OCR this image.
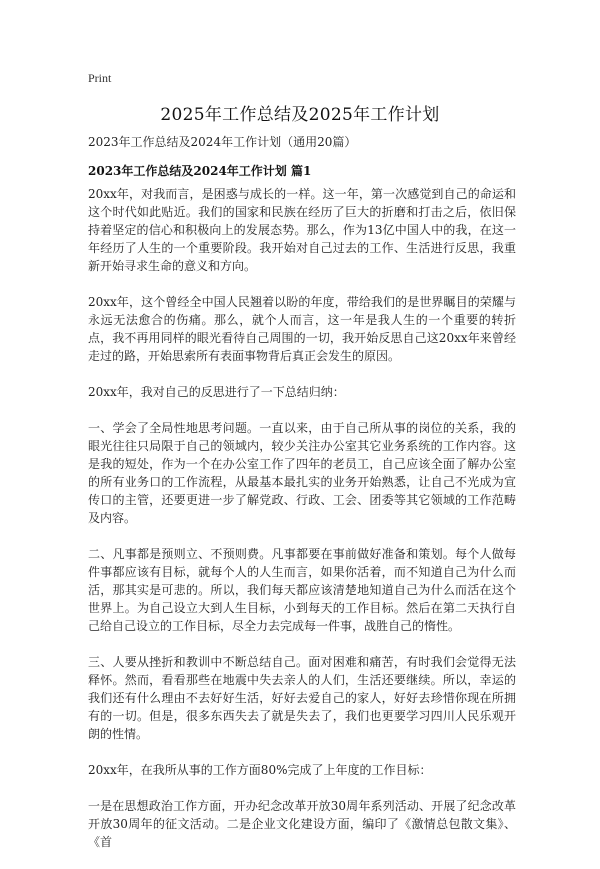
Print
2025年工作总结及2025年工作计划
2023年工作总结及2024年工作计划（通用20篇）
2023年工作总结及2024年工作计划 篇1

20xx年，对我而言，是困惑与成长的一样。这一年，第一次感觉到自己的命运和这个时代如此贴近。我们的国家和民族在经历了巨大的折磨和打击之后，依旧保持着坚定的信心和积极向上的发展态势。那么，作为13亿中国人中的我，在这一年经历了人生的一个重要阶段。我开始对自己过去的工作、生活进行反思，我重新开始寻求生命的意义和方向。

20xx年，这个曾经全中国人民翘着以盼的年度，带给我们的是世界瞩目的荣耀与永远无法愈合的伤痛。那么，就个人而言，这一年是我人生的一个重要的转折点，我不再用同样的眼光看待自己周围的一切，我开始反思自己这20xx年来曾经走过的路，开始思索所有表面事物背后真正会发生的原因。

20xx年，我对自己的反思进行了一下总结归纳：

一、学会了全局性地思考问题。一直以来，由于自己所从事的岗位的关系，我的眼光往往只局限于自己的领域内，较少关注办公室其它业务系统的工作内容。这是我的短处，作为一个在办公室工作了四年的老员工，自己应该全面了解办公室的所有业务口的工作流程，从最基本最扎实的业务开始熟悉，让自己不光成为宣传口的主管，还要更进一步了解党政、行政、工会、团委等其它领域的工作范畴及内容。

二、凡事都是预则立、不预则费。凡事都要在事前做好准备和策划。每个人做每件事都应该有目标，就每个人的人生而言，如果你活着，而不知道自己为什么而活，那其实是可悲的。所以，我们每天都应该清楚地知道自己为什么而活在这个世界上。为自己设立大到人生目标，小到每天的工作目标。然后在第二天执行自己给自己设立的工作目标，尽全力去完成每一件事，战胜自己的惰性。

三、人要从挫折和教训中不断总结自己。面对困难和痛苦，有时我们会觉得无法释怀。然而，看看那些在地震中失去亲人的人们，生活还要继续。所以，幸运的我们还有什么理由不去好好生活，好好去爱自己的家人，好好去珍惜你现在所拥有的一切。但是，很多东西失去了就是失去了，我们也更要学习四川人民乐观开朗的性情。

20xx年，在我所从事的工作方面80%完成了上年度的工作目标：

一是在思想政治工作方面，开办纪念改革开放30周年系列活动、开展了纪念改革开放30周年的征文活动。二是企业文化建设方面，编印了《激情总包散文集》、《首
